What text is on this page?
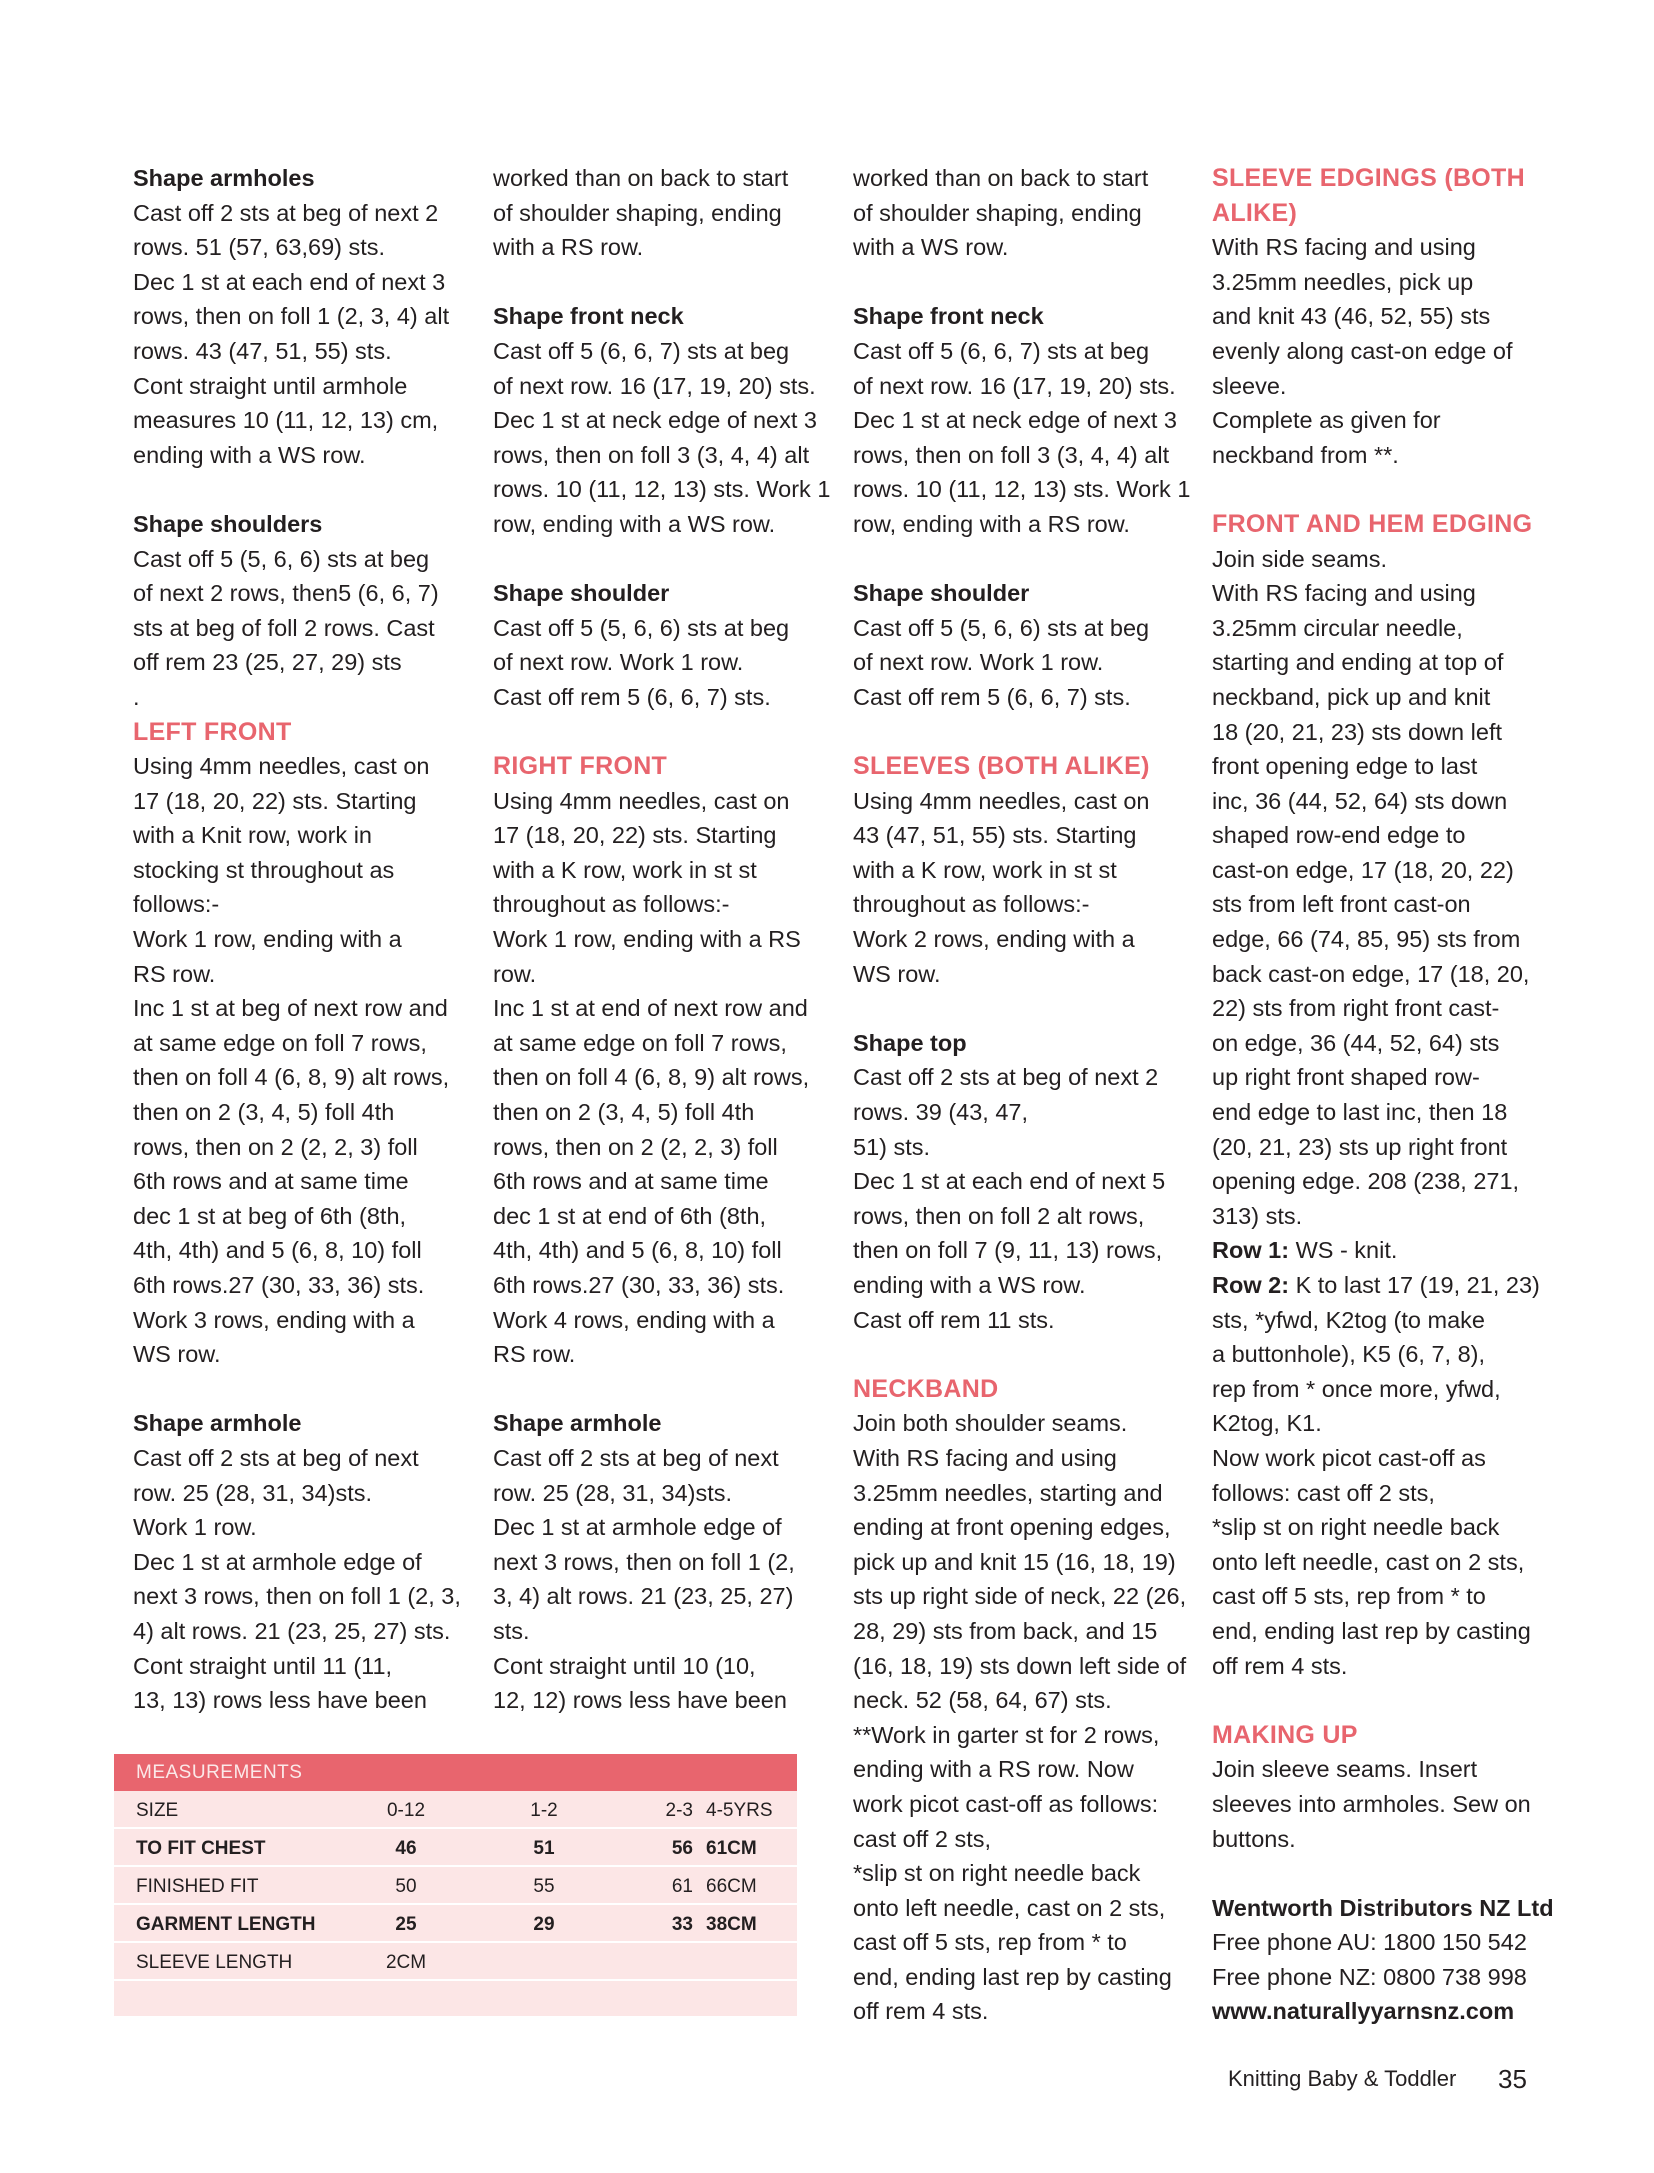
Shape armholes

Cast off 2 sts at beg of next 2

rows. 51 (57, 63,69) sts.

Dec 1 st at each end of next 3

rows, then on foll 1 (2, 3, 4) alt

rows. 43 (47, 51, 55) sts.

Cont straight until armhole

measures 10 (11, 12, 13) cm,

ending with a WS row.

Shape shoulders

Cast off 5 (5, 6, 6) sts at beg

of next 2 rows, then5 (6, 6, 7)

sts at beg of foll 2 rows. Cast

off rem 23 (25, 27, 29) sts

.

LEFT FRONT

Using 4mm needles, cast on

17 (18, 20, 22) sts. Starting

with a Knit row, work in

stocking st throughout as

follows:-

Work 1 row, ending with a

RS row.

Inc 1 st at beg of next row and

at same edge on foll 7 rows,

then on foll 4 (6, 8, 9) alt rows,

then on 2 (3, 4, 5) foll 4th

rows, then on 2 (2, 2, 3) foll

6th rows and at same time

dec 1 st at beg of 6th (8th,

4th, 4th) and 5 (6, 8, 10) foll

6th rows.27 (30, 33, 36) sts.

Work 3 rows, ending with a

WS row.

Shape armhole

Cast off 2 sts at beg of next

row. 25 (28, 31, 34)sts.

Work 1 row.

Dec 1 st at armhole edge of

next 3 rows, then on foll 1 (2, 3,

4) alt rows. 21 (23, 25, 27) sts.

Cont straight until 11 (11,

13, 13) rows less have been

worked than on back to start

of shoulder shaping, ending

with a RS row.

Shape front neck

Cast off 5 (6, 6, 7) sts at beg

of next row. 16 (17, 19, 20) sts.

Dec 1 st at neck edge of next 3

rows, then on foll 3 (3, 4, 4) alt

rows. 10 (11, 12, 13) sts. Work 1

row, ending with a WS row.

Shape shoulder

Cast off 5 (5, 6, 6) sts at beg

of next row. Work 1 row.

Cast off rem 5 (6, 6, 7) sts.

RIGHT FRONT

Using 4mm needles, cast on

17 (18, 20, 22) sts. Starting

with a K row, work in st st

throughout as follows:-

Work 1 row, ending with a RS

row.

Inc 1 st at end of next row and

at same edge on foll 7 rows,

then on foll 4 (6, 8, 9) alt rows,

then on 2 (3, 4, 5) foll 4th

rows, then on 2 (2, 2, 3) foll

6th rows and at same time

dec 1 st at end of 6th (8th,

4th, 4th) and 5 (6, 8, 10) foll

6th rows.27 (30, 33, 36) sts.

Work 4 rows, ending with a

RS row.

Shape armhole

Cast off 2 sts at beg of next

row. 25 (28, 31, 34)sts.

Dec 1 st at armhole edge of

next 3 rows, then on foll 1 (2,

3, 4) alt rows. 21 (23, 25, 27)

sts.

Cont straight until 10 (10,

12, 12) rows less have been

worked than on back to start

of shoulder shaping, ending

with a WS row.

Shape front neck

Cast off 5 (6, 6, 7) sts at beg

of next row. 16 (17, 19, 20) sts.

Dec 1 st at neck edge of next 3

rows, then on foll 3 (3, 4, 4) alt

rows. 10 (11, 12, 13) sts. Work 1

row, ending with a RS row.

Shape shoulder

Cast off 5 (5, 6, 6) sts at beg

of next row. Work 1 row.

Cast off rem 5 (6, 6, 7) sts.

SLEEVES (BOTH ALIKE)

Using 4mm needles, cast on

43 (47, 51, 55) sts. Starting

with a K row, work in st st

throughout as follows:-

Work 2 rows, ending with a

WS row.

Shape top

Cast off 2 sts at beg of next 2

rows. 39 (43, 47,

51) sts.

Dec 1 st at each end of next 5

rows, then on foll 2 alt rows,

then on foll 7 (9, 11, 13) rows,

ending with a WS row.

Cast off rem 11 sts.

NECKBAND

Join both shoulder seams.

With RS facing and using

3.25mm needles, starting and

ending at front opening edges,

pick up and knit 15 (16, 18, 19)

sts up right side of neck, 22 (26,

28, 29) sts from back, and 15

(16, 18, 19) sts down left side of

neck. 52 (58, 64, 67) sts.

**Work in garter st for 2 rows,

ending with a RS row. Now

work picot cast-off as follows:

cast off 2 sts,

*slip st on right needle back

onto left needle, cast on 2 sts,

cast off 5 sts, rep from * to

end, ending last rep by casting

off rem 4 sts.

SLEEVE EDGINGS (BOTH

ALIKE)

With RS facing and using

3.25mm needles, pick up

and knit 43 (46, 52, 55) sts

evenly along cast-on edge of

sleeve.

Complete as given for

neckband from **.

FRONT AND HEM EDGING

Join side seams.

With RS facing and using

3.25mm circular needle,

starting and ending at top of

neckband, pick up and knit

18 (20, 21, 23) sts down left

front opening edge to last

inc, 36 (44, 52, 64) sts down

shaped row-end edge to

cast-on edge, 17 (18, 20, 22)

sts from left front cast-on

edge, 66 (74, 85, 95) sts from

back cast-on edge, 17 (18, 20,

22) sts from right front cast-

on edge, 36 (44, 52, 64) sts

up right front shaped row-

end edge to last inc, then 18

(20, 21, 23) sts up right front

opening edge. 208 (238, 271,

313) sts.

Row 1: WS - knit.

Row 2: K to last 17 (19, 21, 23)

sts, *yfwd, K2tog (to make

a buttonhole), K5 (6, 7, 8),

rep from * once more, yfwd,

K2tog, K1.

Now work picot cast-off as

follows: cast off 2 sts,

*slip st on right needle back

onto left needle, cast on 2 sts,

cast off 5 sts, rep from * to

end, ending last rep by casting

off rem 4 sts.

MAKING UP

Join sleeve seams. Insert

sleeves into armholes. Sew on

buttons.

Wentworth Distributors NZ Ltd

Free phone AU: 1800 150 542

Free phone NZ: 0800 738 998

www.naturallyyarnsnz.com

MEASUREMENTS
SIZE	0-12	1-2	2-3 4-5YRS
TO FIT CHEST	46	51	56 61CM
FINISHED FIT	50	55	61 66CM
GARMENT LENGTH	25	29	33 38CM
SLEEVE LENGTH	2CM
Knitting Baby & Toddler 35
